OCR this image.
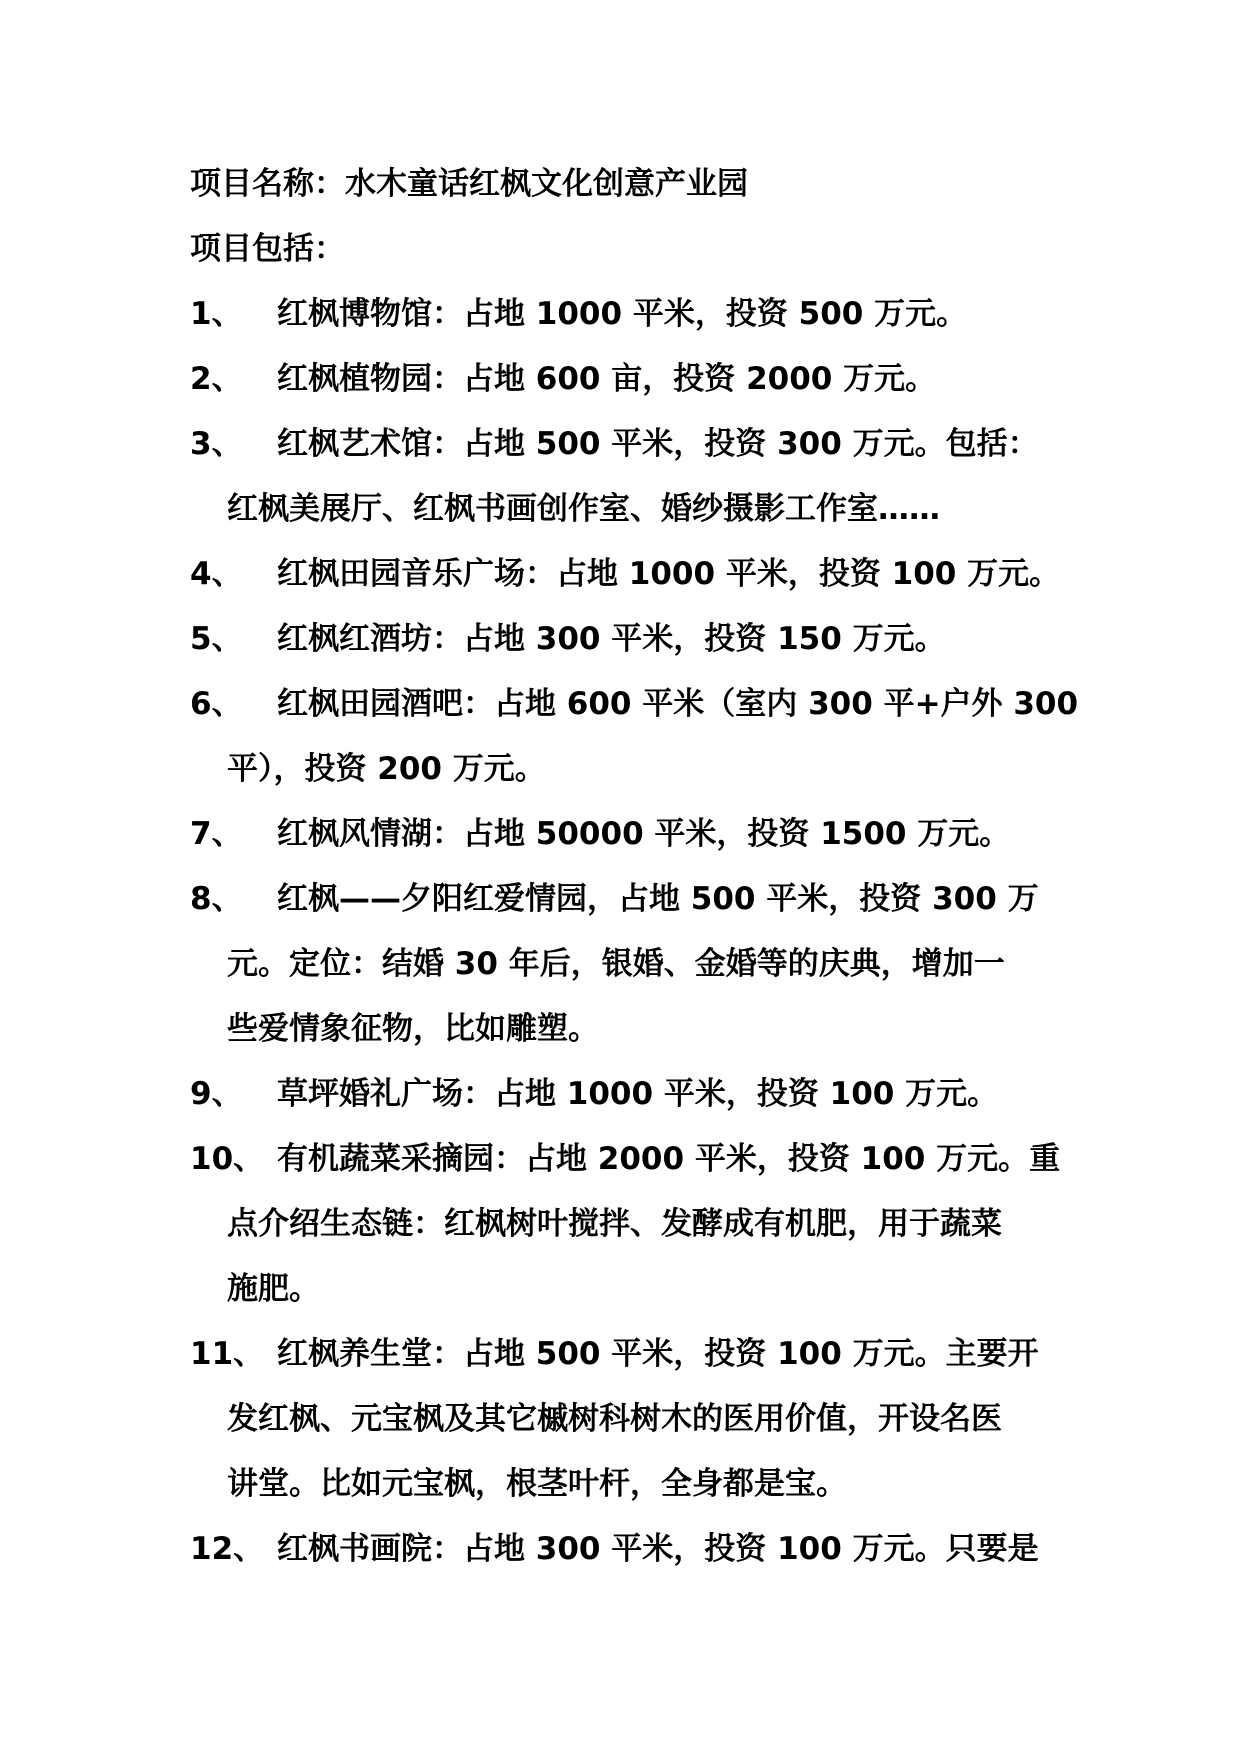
项目名称：水木童话红枫文化创意产业园
项目包括：
1、 红枫博物馆：占地 1000 平米，投资 500 万元。
2、 红枫植物园：占地 600 亩，投资 2000 万元。
3、 红枫艺术馆：占地 500 平米，投资 300 万元。包括：
红枫美展厅、红枫书画创作室、婚纱摄影工作室……
4、 红枫田园音乐广场：占地 1000 平米，投资 100 万元。
5、 红枫红酒坊：占地 300 平米，投资 150 万元。
6、 红枫田园酒吧：占地 600 平米（室内 300 平+户外 300
平），投资 200 万元。
7、 红枫风情湖：占地 50000 平米，投资 1500 万元。
8、 红枫——夕阳红爱情园，占地 500 平米，投资 300 万
元。定位：结婚 30 年后，银婚、金婚等的庆典，增加一
些爱情象征物，比如雕塑。
9、 草坪婚礼广场：占地 1000 平米，投资 100 万元。
10、 有机蔬菜采摘园：占地 2000 平米，投资 100 万元。重
点介绍生态链：红枫树叶搅拌、发酵成有机肥，用于蔬菜
施肥。
11、 红枫养生堂：占地 500 平米，投资 100 万元。主要开
发红枫、元宝枫及其它槭树科树木的医用价值，开设名医
讲堂。比如元宝枫，根茎叶杆，全身都是宝。
12、 红枫书画院：占地 300 平米，投资 100 万元。只要是
